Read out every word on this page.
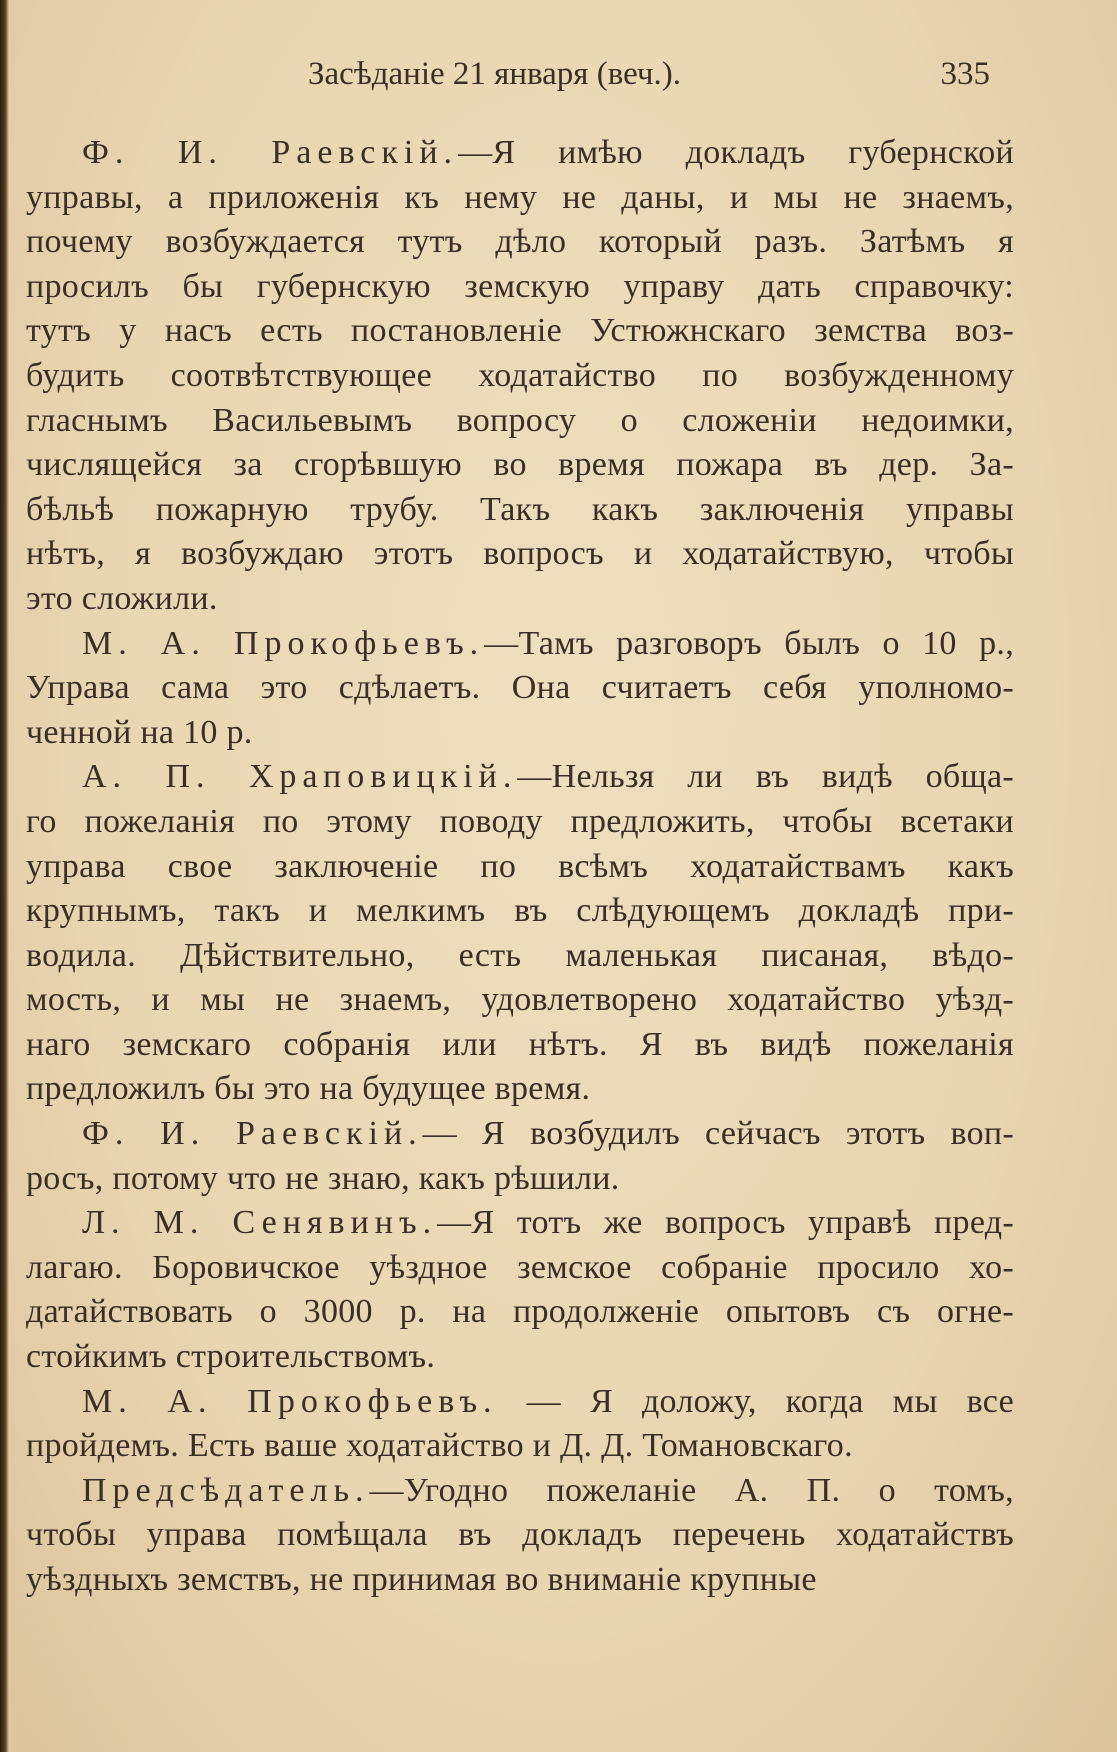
Засѣданіе 21 января (веч.).	335
Ф. И. Раевскій.—Я имѣю докладъ губернской
управы, а приложенія къ нему не даны, и мы не знаемъ,
почему возбуждается тутъ дѣло который разъ. Затѣмъ я
просилъ бы губернскую земскую управу дать справочку:
тутъ у насъ есть постановленіе Устюжнскаго земства воз-
будить соотвѣтствующее ходатайство по возбужденному
гласнымъ Васильевымъ вопросу о сложеніи недоимки,
числящейся за сгорѣвшую во время пожара въ дер. За-
бѣльѣ пожарную трубу. Такъ какъ заключенія управы
нѣтъ, я возбуждаю этотъ вопросъ и ходатайствую, чтобы
это сложили.
М. А. Прокофьевъ.—Тамъ разговоръ былъ о 10 р.,
Управа сама это сдѣлаетъ. Она считаетъ себя уполномо-
ченной на 10 р.
А. П. Храповицкій.—Нельзя ли въ видѣ обща-
го пожеланія по этому поводу предложить, чтобы всетаки
управа свое заключеніе по всѣмъ ходатайствамъ какъ
крупнымъ, такъ и мелкимъ въ слѣдующемъ докладѣ при-
водила. Дѣйствительно, есть маленькая писаная, вѣдо-
мость, и мы не знаемъ, удовлетворено ходатайство уѣзд-
наго земскаго собранія или нѣтъ. Я въ видѣ пожеланія
предложилъ бы это на будущее время.
Ф. И. Раевскій.— Я возбудилъ сейчасъ этотъ воп-
росъ, потому что не знаю, какъ рѣшили.
Л. М. Сенявинъ.—Я тотъ же вопросъ управѣ пред-
лагаю. Боровичское уѣздное земское собраніе просило хо-
датайствовать о 3000 р. на продолженіе опытовъ съ огне-
стойкимъ строительствомъ.
М. А. Прокофьевъ. — Я доложу, когда мы все
пройдемъ. Есть ваше ходатайство и Д. Д. Томановскаго.
Предсѣдатель.—Угодно пожеланіе А. П. о томъ,
чтобы управа помѣщала въ докладъ перечень ходатайствъ
уѣздныхъ земствъ, не принимая во вниманіе крупные
